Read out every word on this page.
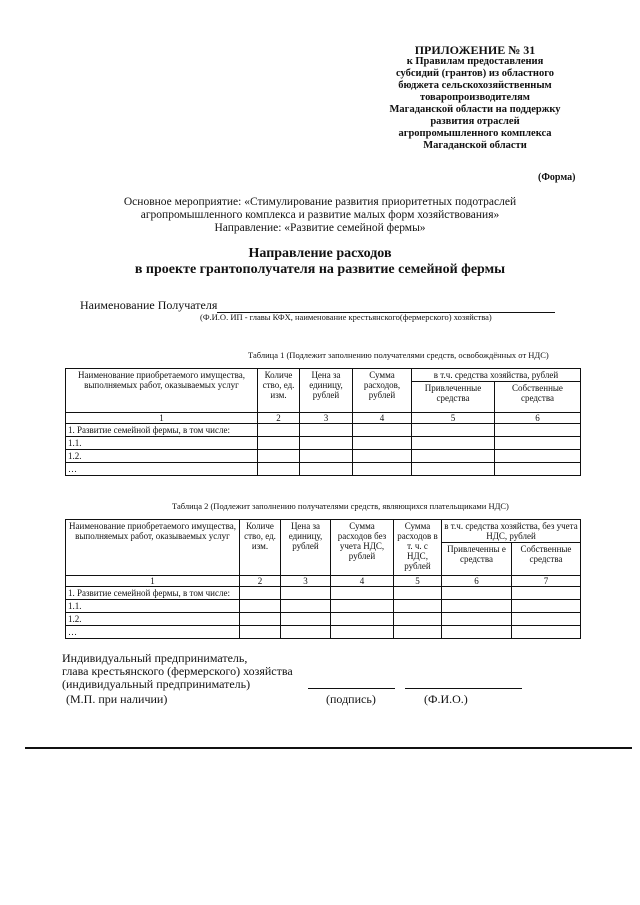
ПРИЛОЖЕНИЕ № 31
к Правилам предоставления
субсидий (грантов) из областного
бюджета сельскохозяйственным
товаропроизводителям
Магаданской области на поддержку
развития отраслей
агропромышленного комплекса
Магаданской области
(Форма)
Основное мероприятие: «Стимулирование развития приоритетных подотраслей
агропромышленного комплекса и развитие малых форм хозяйствования»
Направление: «Развитие семейной фермы»
Направление расходов
в проекте грантополучателя на развитие семейной фермы
Наименование Получателя
(Ф.И.О. ИП - главы КФХ, наименование крестьянского(фермерского) хозяйства)
Таблица 1 (Подлежит заполнению получателями средств, освобождённых от НДС)
Наименование приобретаемого имущества, выполняемых работ, оказываемых услуг	Количе ство, ед. изм.	Цена за единицу, рублей	Сумма расходов, рублей	в т.ч. средства хозяйства, рублей	
				Привлеченные средства	Собственные средства
1	2	3	4	5	6
1. Развитие семейной фермы, в том числе:					
1.1.					
1.2.					
…					
Таблица 2 (Подлежит заполнению получателями средств, являющихся плательщиками НДС)
Наименование приобретаемого имущества, выполняемых работ, оказываемых услуг	Количе ство, ед. изм.	Цена за единицу, рублей	Сумма расходов без учета НДС, рублей	Сумма расходов в т. ч. с НДС, рублей	в т.ч. средства хозяйства, без учета НДС, рублей	
					Привлеченны е средства	Собственные средства
1	2	3	4	5	6	7
1. Развитие семейной фермы, в том числе:						
1.1.						
1.2.						
…						
Индивидуальный предприниматель,
глава крестьянского (фермерского) хозяйства
(индивидуальный предприниматель)
(М.П. при наличии)	(подпись)	(Ф.И.О.)
